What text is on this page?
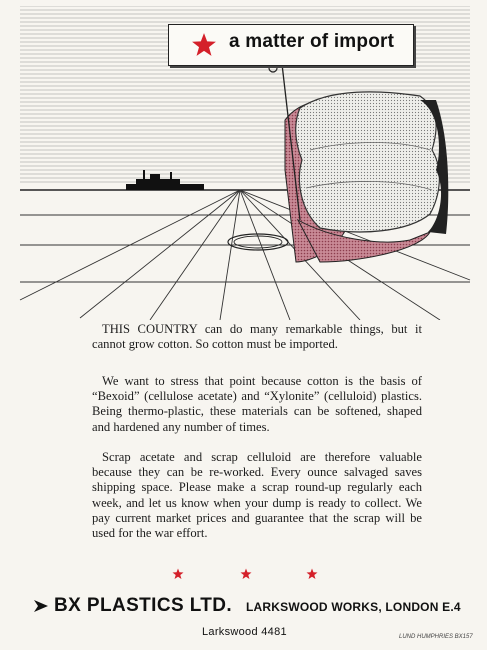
a matter of import

THIS COUNTRY can do many remarkable things, but it cannot grow cotton. So cotton must be imported.

We want to stress that point because cotton is the basis of “Bexoid” (cellulose acetate) and “Xylonite” (celluloid) plastics. Being thermo-plastic, these materials can be softened, shaped and hardened any number of times.

Scrap acetate and scrap celluloid are therefore valuable because they can be re-worked. Every ounce salvaged saves shipping space. Please make a scrap round-up regularly each week, and let us know when your dump is ready to collect. We pay current market prices and guarantee that the scrap will be used for the war effort.

BX PLASTICS LTD. LARKSWOOD WORKS, LONDON E.4
Larkswood 4481	LUND HUMPHRIES BX157
